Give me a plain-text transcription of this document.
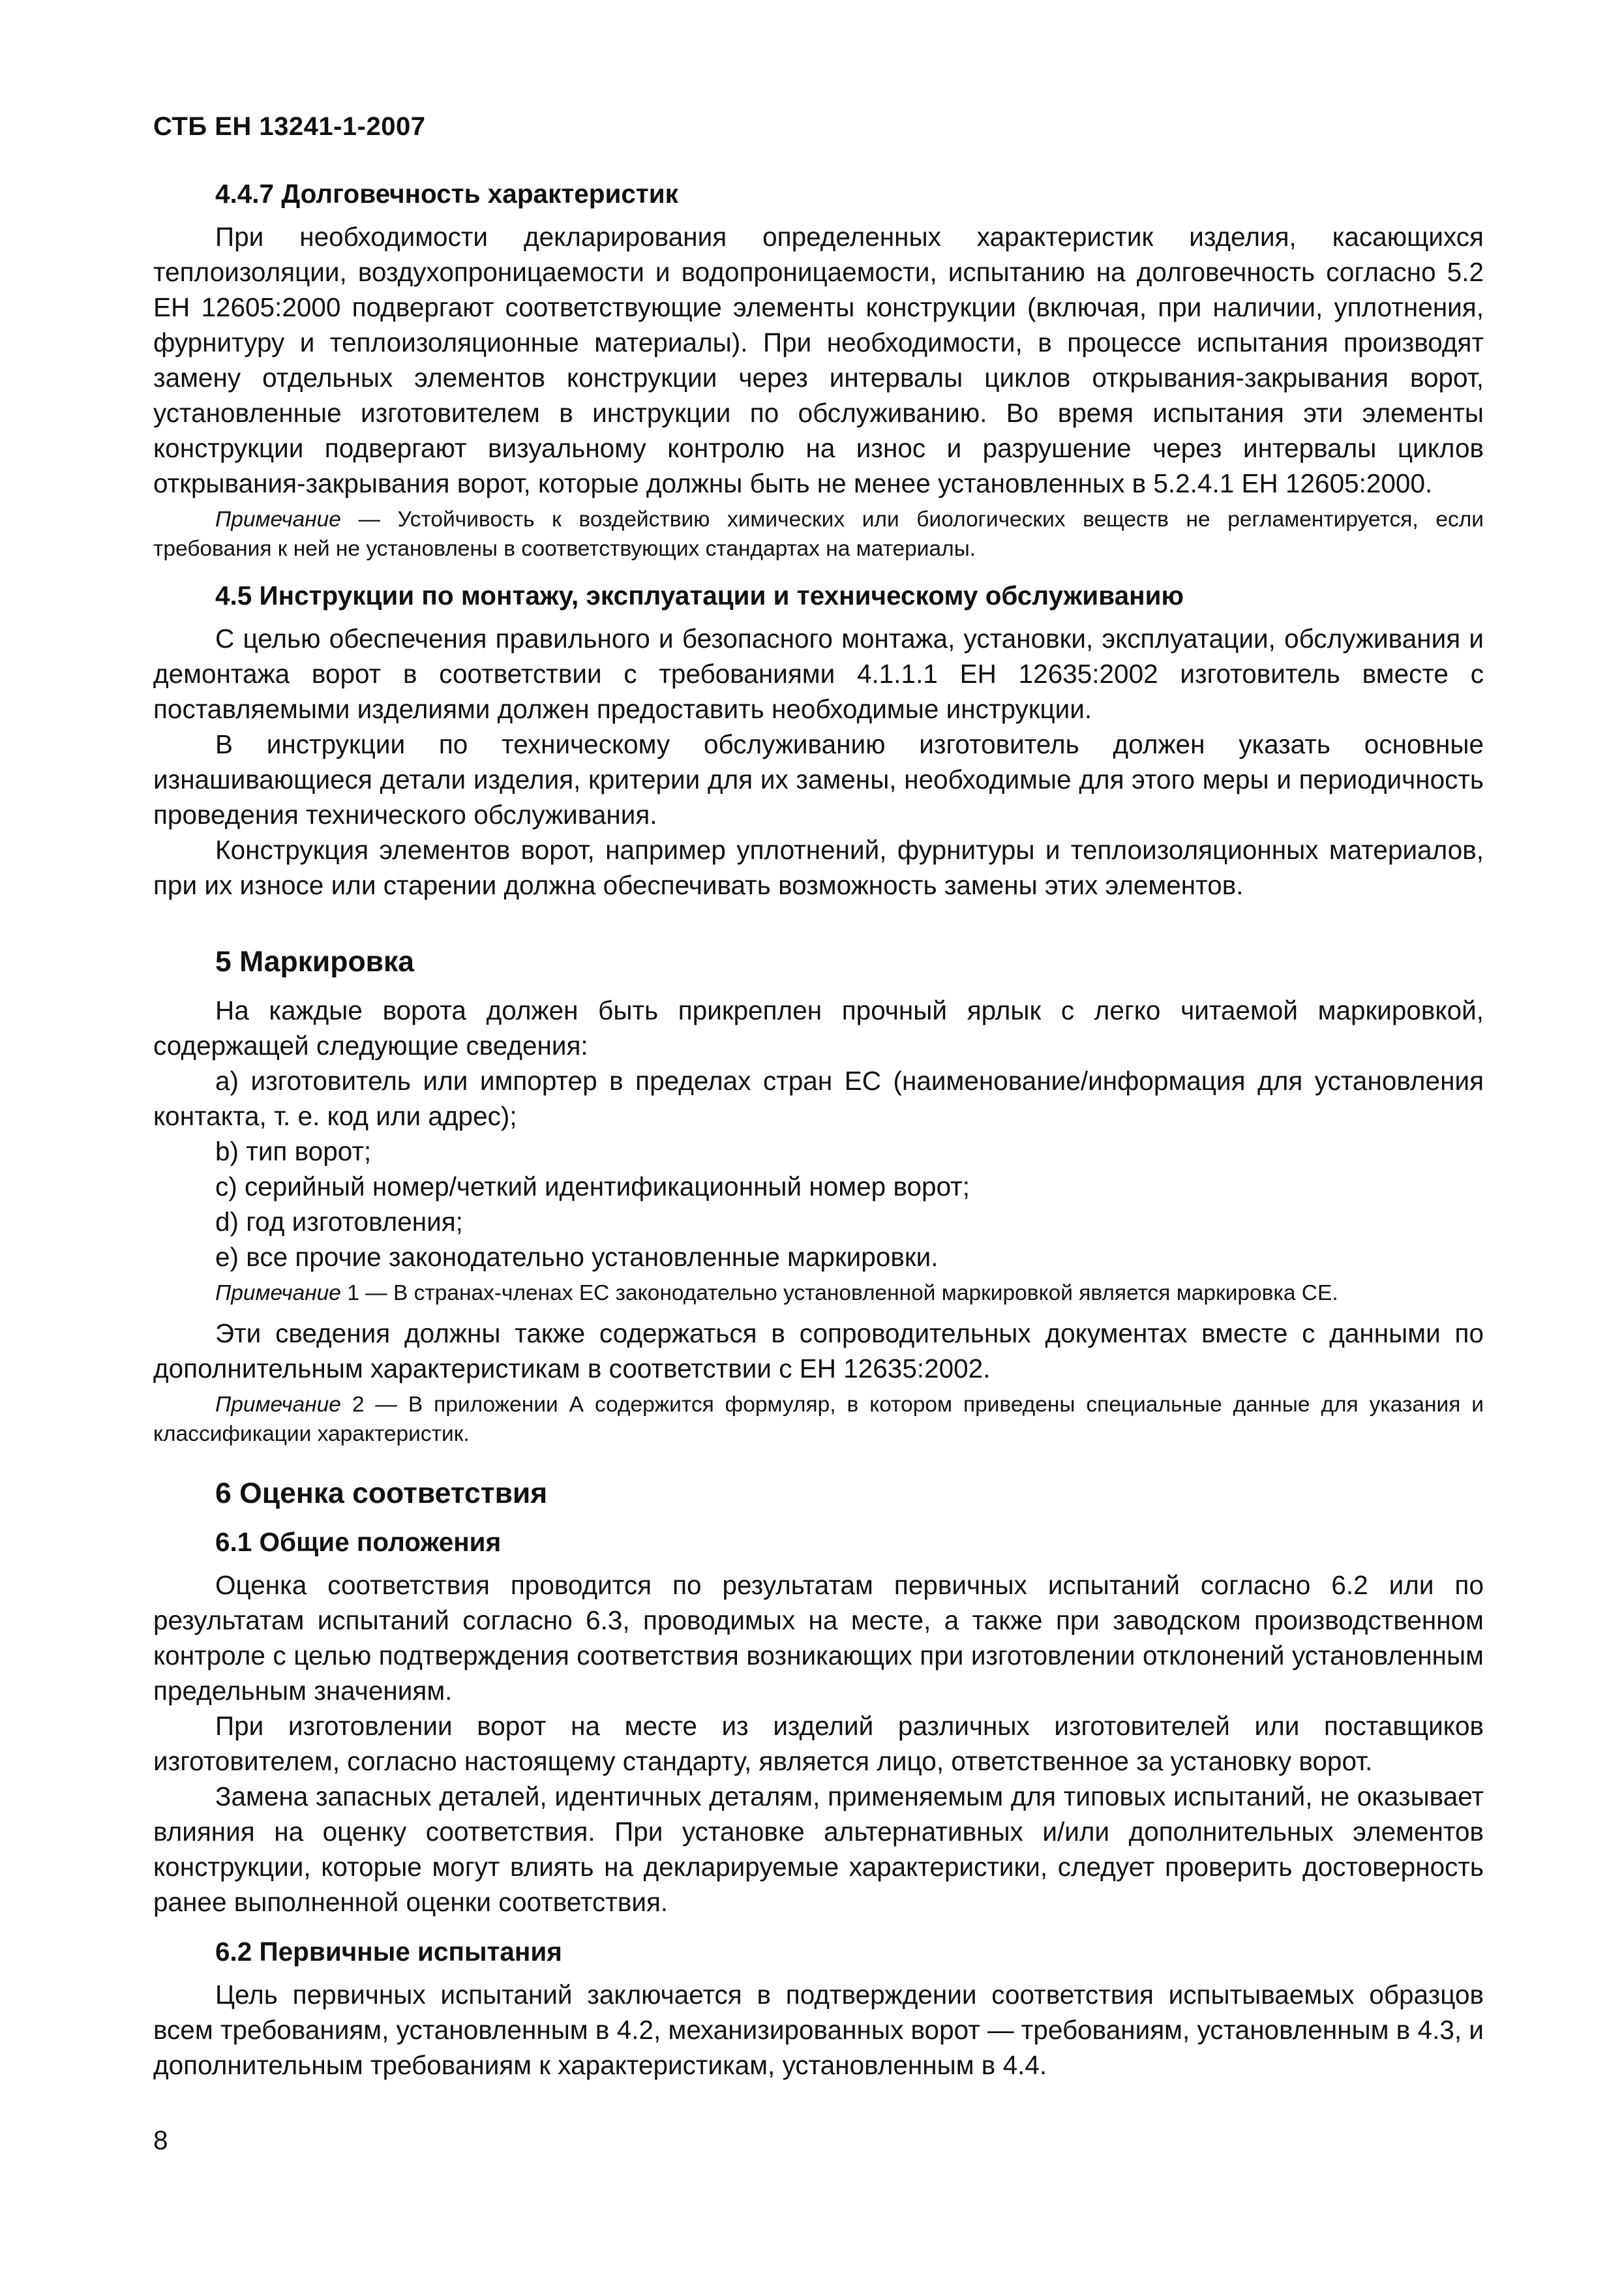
СТБ ЕН 13241-1-2007
4.4.7 Долговечность характеристик

При необходимости декларирования определенных характеристик изделия, касающихся теплоизоляции, воздухопроницаемости и водопроницаемости, испытанию на долговечность согласно 5.2 ЕН 12605:2000 подвергают соответствующие элементы конструкции (включая, при наличии, уплотнения, фурнитуру и теплоизоляционные материалы). При необходимости, в процессе испытания производят замену отдельных элементов конструкции через интервалы циклов открывания-закрывания ворот, установленные изготовителем в инструкции по обслуживанию. Во время испытания эти элементы конструкции подвергают визуальному контролю на износ и разрушение через интервалы циклов открывания-закрывания ворот, которые должны быть не менее установленных в 5.2.4.1 ЕН 12605:2000.

Примечание — Устойчивость к воздействию химических или биологических веществ не регламентируется, если требования к ней не установлены в соответствующих стандартах на материалы.

4.5 Инструкции по монтажу, эксплуатации и техническому обслуживанию

С целью обеспечения правильного и безопасного монтажа, установки, эксплуатации, обслуживания и демонтажа ворот в соответствии с требованиями 4.1.1.1 ЕН 12635:2002 изготовитель вместе с поставляемыми изделиями должен предоставить необходимые инструкции.

В инструкции по техническому обслуживанию изготовитель должен указать основные изнашивающиеся детали изделия, критерии для их замены, необходимые для этого меры и периодичность проведения технического обслуживания.

Конструкция элементов ворот, например уплотнений, фурнитуры и теплоизоляционных материалов, при их износе или старении должна обеспечивать возможность замены этих элементов.

5 Маркировка

На каждые ворота должен быть прикреплен прочный ярлык с легко читаемой маркировкой, содержащей следующие сведения:

a) изготовитель или импортер в пределах стран ЕС (наименование/информация для установления контакта, т. е. код или адрес);

b) тип ворот;

c) серийный номер/четкий идентификационный номер ворот;

d) год изготовления;

e) все прочие законодательно установленные маркировки.

Примечание 1 — В странах-членах ЕС законодательно установленной маркировкой является маркировка СЕ.

Эти сведения должны также содержаться в сопроводительных документах вместе с данными по дополнительным характеристикам в соответствии с ЕН 12635:2002.

Примечание 2 — В приложении А содержится формуляр, в котором приведены специальные данные для указания и классификации характеристик.

6 Оценка соответствия
6.1 Общие положения

Оценка соответствия проводится по результатам первичных испытаний согласно 6.2 или по результатам испытаний согласно 6.3, проводимых на месте, а также при заводском производственном контроле с целью подтверждения соответствия возникающих при изготовлении отклонений установленным предельным значениям.

При изготовлении ворот на месте из изделий различных изготовителей или поставщиков изготовителем, согласно настоящему стандарту, является лицо, ответственное за установку ворот.

Замена запасных деталей, идентичных деталям, применяемым для типовых испытаний, не оказывает влияния на оценку соответствия. При установке альтернативных и/или дополнительных элементов конструкции, которые могут влиять на декларируемые характеристики, следует проверить достоверность ранее выполненной оценки соответствия.

6.2 Первичные испытания

Цель первичных испытаний заключается в подтверждении соответствия испытываемых образцов всем требованиям, установленным в 4.2, механизированных ворот — требованиям, установленным в 4.3, и дополнительным требованиям к характеристикам, установленным в 4.4.

8
